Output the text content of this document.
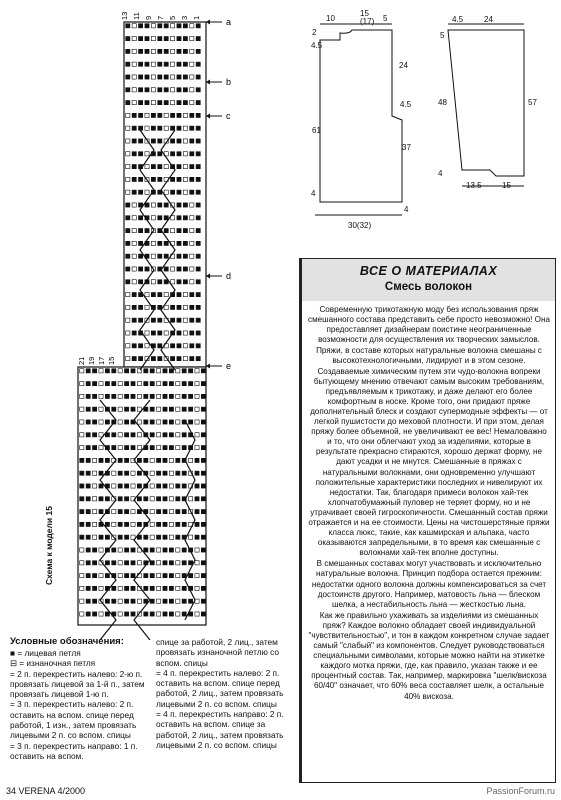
13 11 9 7 5 3 1
21 19 17 15
a
b
c
d
e
Схема к модели 15
10
15
(17) 5
2
4.5
24
4.5
61
37
4
4
30(32)
4.5	24
5
48	57
4
13.5	15
Условные обозначения:
■ = лицевая петля
⊟ = изнаночная петля
= 2 п. перекрестить налево: 2-ю п. провязать лицевой за 1-й п., затем провязать лицевой 1-ю п.
= 3 п. перекрестить налево: 2 п. оставить на вспом. спице перед работой, 1 изн., затем провязать лицевыми 2 п. со вспом. спицы
= 3 п. перекрестить направо: 1 п. оставить на вспом.
спице за работой, 2 лиц., затем провязать изнаночной петлю со вспом. спицы
= 4 п. перекрестить налево: 2 п. оставить на вспом. спице перед работой, 2 лиц., затем провязать лицевыми 2 п. со вспом. спицы
= 4 п. перекрестить направо: 2 п. оставить на вспом. спице за работой, 2 лиц., затем провязать лицевыми 2 п. со вспом. спицы
ВСЕ О МАТЕРИАЛАХ
Смесь волокон

Современную трикотажную моду без использования пряж смешанного состава представить себе просто невозможно! Она предоставляет дизайнерам поистине неограниченные возможности для осуществления их творческих замыслов.

Пряжи, в составе которых натуральные волокна смешаны с высокотехнологичными, лидируют и в этом сезоне. Создаваемые химическим путем эти чудо-волокна вопреки бытующему мнению отвечают самым высоким требованиям, предъявляемым к трикотажу, и даже делают его более комфортным в носке. Кроме того, они придают пряже дополнительный блеск и создают супермодные эффекты — от легкой пушистости до меховой плотности. И при этом, делая пряжу более объемной, не увеличивают ее вес! Немаловажно и то, что они облегчают уход за изделиями, которые в результате прекрасно стираются, хорошо держат форму, не дают усадки и не мнутся. Смешанные в пряжах с натуральными волокнами, они одновременно улучшают положительные характеристики последних и нивелируют их недостатки. Так, благодаря примеси волокон хай-тек хлопчатобумажный пуловер не теряет форму, но и не утрачивает своей гигроскопичности. Смешанный состав пряжи отражается и на ее стоимости. Цены на чистошерстяные пряжи класса люкс, такие, как кашмирская и альпака, часто оказываются запредельными, в то время как смешанные с волокнами хай-тек вполне доступны.

В смешанных составах могут участвовать и исключительно натуральные волокна. Принцип подбора остается прежним: недостатки одного волокна должны компенсироваться за счет достоинств другого. Например, матовость льна — блеском шелка, а нестабильность льна — жесткостью льна.

Как же правильно ухаживать за изделиями из смешанных пряж? Каждое волокно обладает своей индивидуальной "чувствительностью", и тон в каждом конкретном случае задает самый "слабый" из компонентов. Следует руководствоваться специальными символами, которые можно найти на этикетке каждого мотка пряжи, где, как правило, указан также и ее процентный состав. Так, например, маркировка "шелк/вискоза 60/40" означает, что 60% веса составляет шелк, а остальные 40% вискоза.

34 VERENA 4/2000	PassionForum.ru
